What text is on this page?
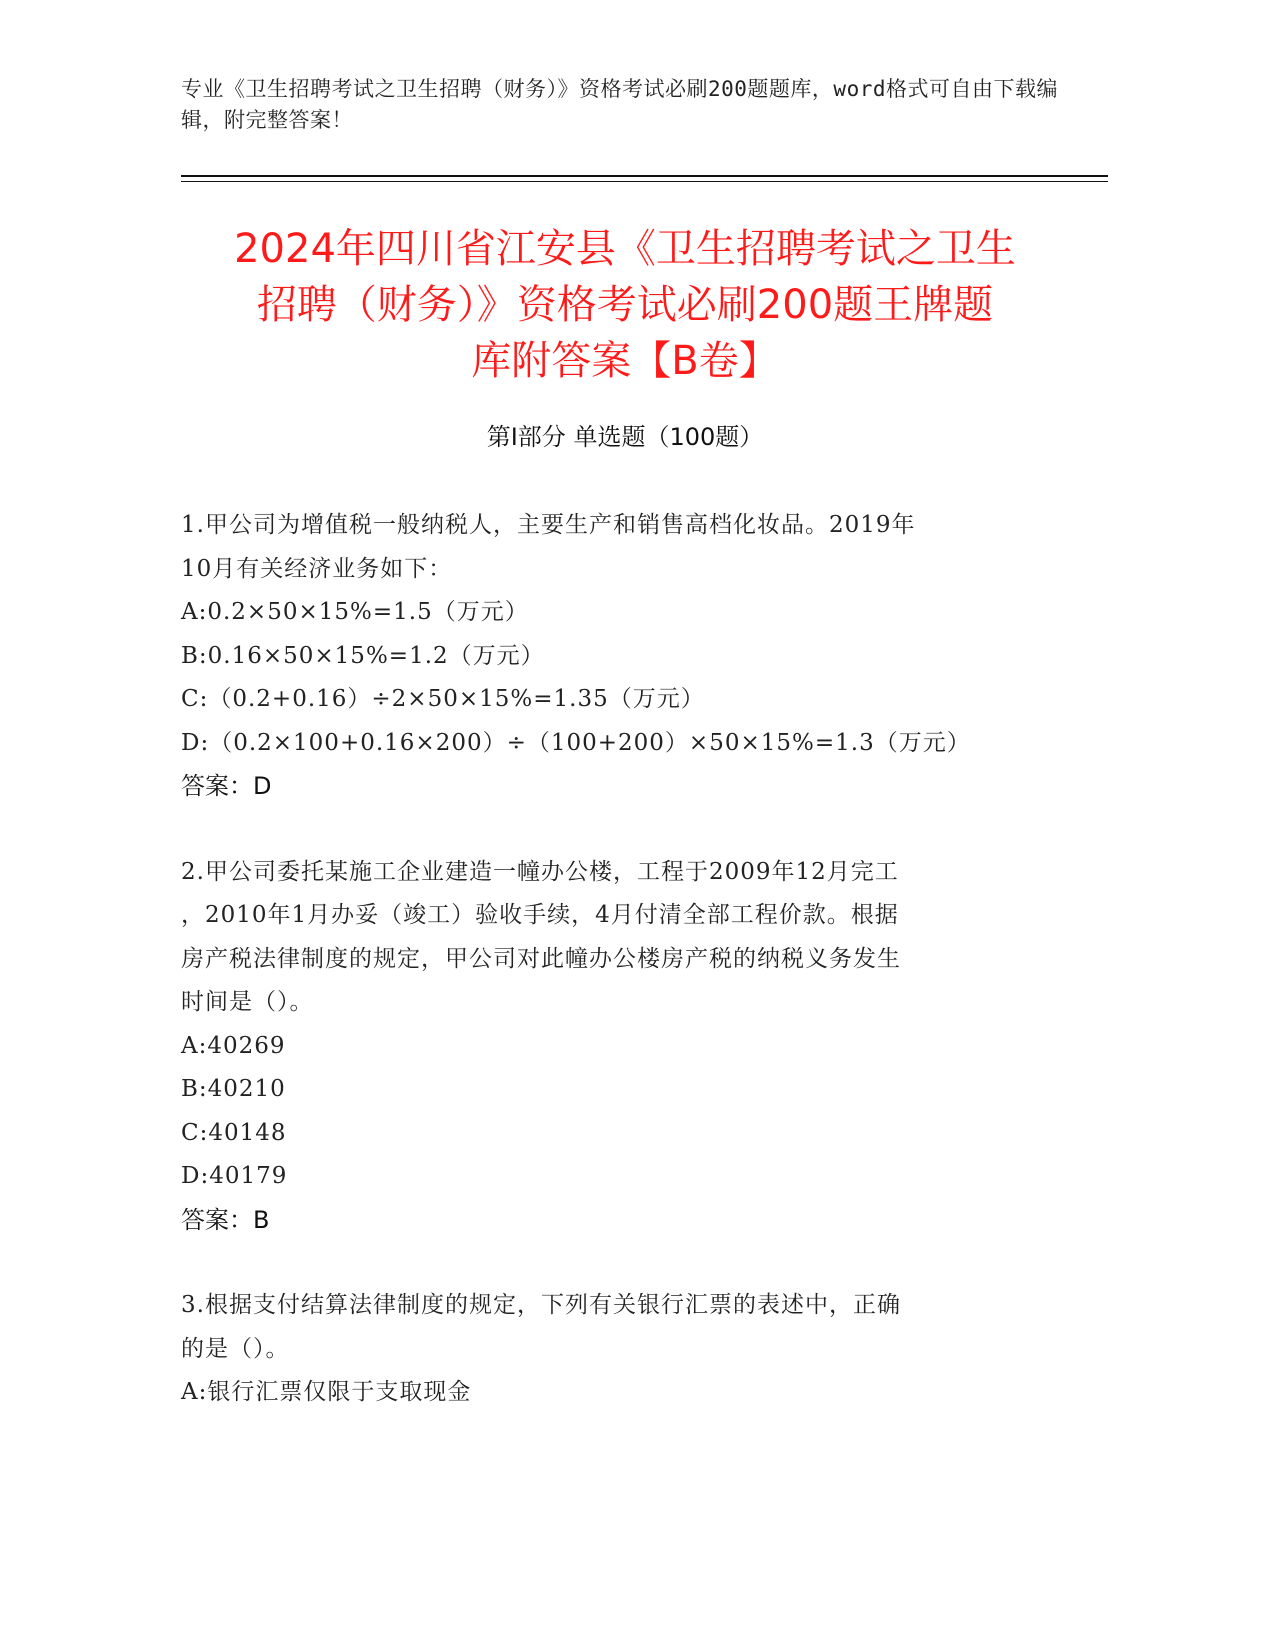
专业《卫生招聘考试之卫生招聘（财务）》资格考试必刷200题题库，word格式可自由下载编辑，附完整答案！
2024年四川省江安县《卫生招聘考试之卫生
招聘（财务）》资格考试必刷200题王牌题
库附答案【B卷】
第Ⅰ部分 单选题（100题）

1.甲公司为增值税一般纳税人，主要生产和销售高档化妆品。2019年

10月有关经济业务如下：

A:0.2×50×15%=1.5（万元）

B:0.16×50×15%=1.2（万元）

C:（0.2+0.16）÷2×50×15%=1.35（万元）

D:（0.2×100+0.16×200）÷（100+200）×50×15%=1.3（万元）

答案：D

2.甲公司委托某施工企业建造一幢办公楼，工程于2009年12月完工

，2010年1月办妥（竣工）验收手续，4月付清全部工程价款。根据

房产税法律制度的规定，甲公司对此幢办公楼房产税的纳税义务发生

时间是（）。

A:40269

B:40210

C:40148

D:40179

答案：B

3.根据支付结算法律制度的规定，下列有关银行汇票的表述中，正确

的是（）。

A:银行汇票仅限于支取现金
